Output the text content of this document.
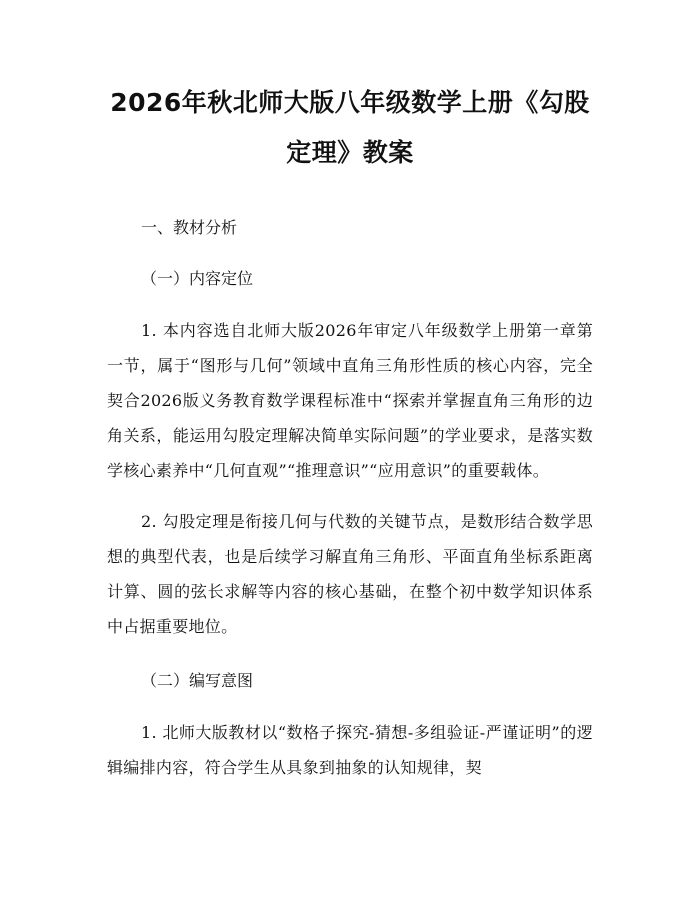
2026年秋北师大版八年级数学上册《勾股定理》教案
一、教材分析
（一）内容定位

1. 本内容选自北师大版2026年审定八年级数学上册第一章第一节，属于“图形与几何”领域中直角三角形性质的核心内容，完全契合2026版义务教育数学课程标准中“探索并掌握直角三角形的边角关系，能运用勾股定理解决简单实际问题”的学业要求，是落实数学核心素养中“几何直观”“推理意识”“应用意识”的重要载体。

2. 勾股定理是衔接几何与代数的关键节点，是数形结合数学思想的典型代表，也是后续学习解直角三角形、平面直角坐标系距离计算、圆的弦长求解等内容的核心基础，在整个初中数学知识体系中占据重要地位。

（二）编写意图

1. 北师大版教材以“数格子探究-猜想-多组验证-严谨证明”的逻辑编排内容，符合学生从具象到抽象的认知规律，契
